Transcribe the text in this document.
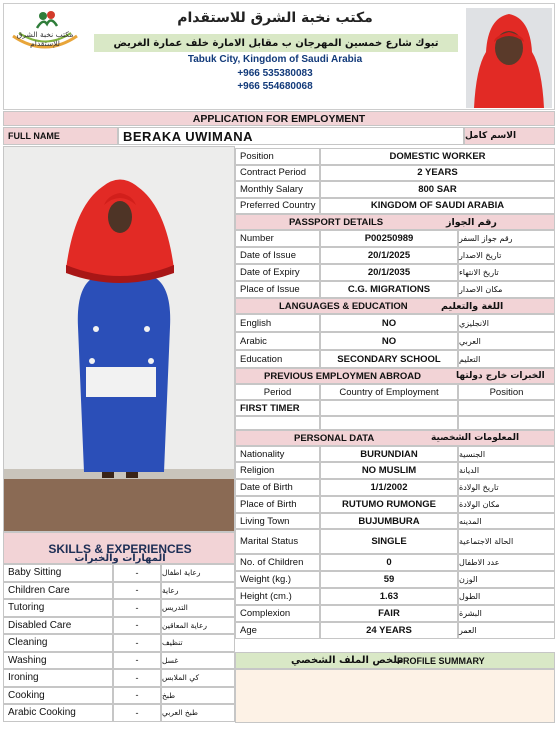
مكتب نخبة الشرق للإستقدام
مكتب نخبة الشرق للاستقدام
تبوك شارع خمسين المهرجان ب مقابل الامارة خلف عمارة الغريض
Tabuk City, Kingdom of Saudi Arabia
+966 535380083
+966 554680068
APPLICATION FOR EMPLOYMENT
FULL NAME	BERAKA UWIMANA	الاسم كامل
Position	DOMESTIC WORKER
Contract Period	2 YEARS
Monthly Salary	800 SAR
Preferred Country	KINGDOM OF SAUDI ARABIA
PASSPORT DETAILS	رقم الجواز
Number	P00250989	رقم جواز السفر
Date of Issue	20/1/2025	تاريخ الاصدار
Date of Expiry	20/1/2035	تاريخ الانتهاء
Place of Issue	C.G. MIGRATIONS	مكان الاصدار
LANGUAGES & EDUCATION	اللغة والتعليم
English	NO	الانجليزي
Arabic	NO	العربي
Education	SECONDARY SCHOOL	التعليم
PREVIOUS EMPLOYMEN ABROAD	الخبرات خارج دولتها
Period	Country of Employment	Position
FIRST TIMER
PERSONAL DATA	المعلومات الشخصية
Nationality	BURUNDIAN	الجنسية
Religion	NO MUSLIM	الديانة
Date of Birth	1/1/2002	تاريخ الولادة
Place of Birth	RUTUMO RUMONGE	مكان الولادة
Living Town	BUJUMBURA	المدينه
Marital Status	SINGLE	الحالة الاجتماعية
No. of Children	0	عدد الاطفال
Weight (kg.)	59	الوزن
Height (cm.)	1.63	الطول
Complexion	FAIR	البشرة
Age	24 YEARS	العمر
PROFILE SUMMARY
ملخص الملف الشخصي
SKILLS & EXPERIENCES
المهارات والخبرات
Baby Sitting	-	رعاية اطفال
Children Care	-	رعاية
Tutoring	-	التدريس
Disabled Care	-	رعاية المعاقين
Cleaning	-	تنظيف
Washing	-	غسل
Ironing	-	كي الملابس
Cooking	-	طبخ
Arabic Cooking	-	طبخ العربي
